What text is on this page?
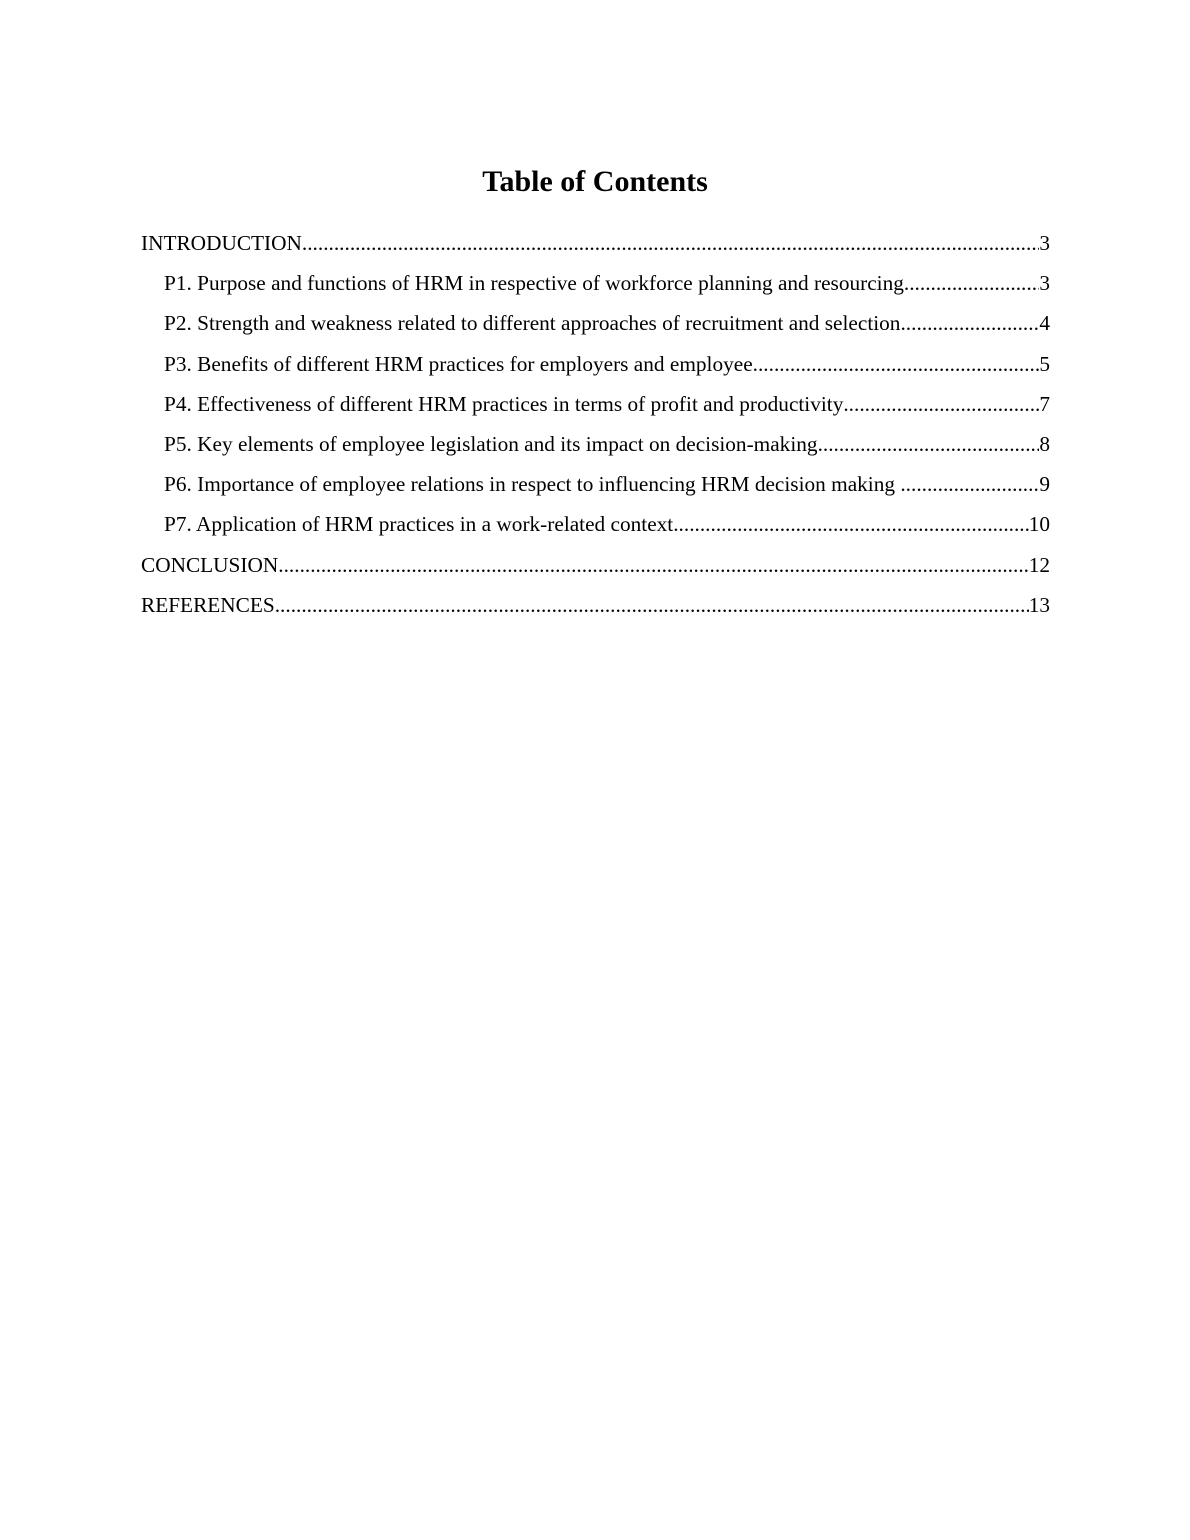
Table of Contents
INTRODUCTION .....	3
P1. Purpose and functions of HRM in respective of workforce planning and resourcing .....	3
P2. Strength and weakness related to different approaches of recruitment and selection .....	4
P3. Benefits of different HRM practices for employers and employee .....	5
P4. Effectiveness of different HRM practices in terms of profit and productivity .....	7
P5. Key elements of employee legislation and its impact on decision-making .....	8
P6. Importance of employee relations in respect to influencing HRM decision making .....	9
P7. Application of HRM practices in a work-related context .....	10
CONCLUSION .....	12
REFERENCES .....	13
